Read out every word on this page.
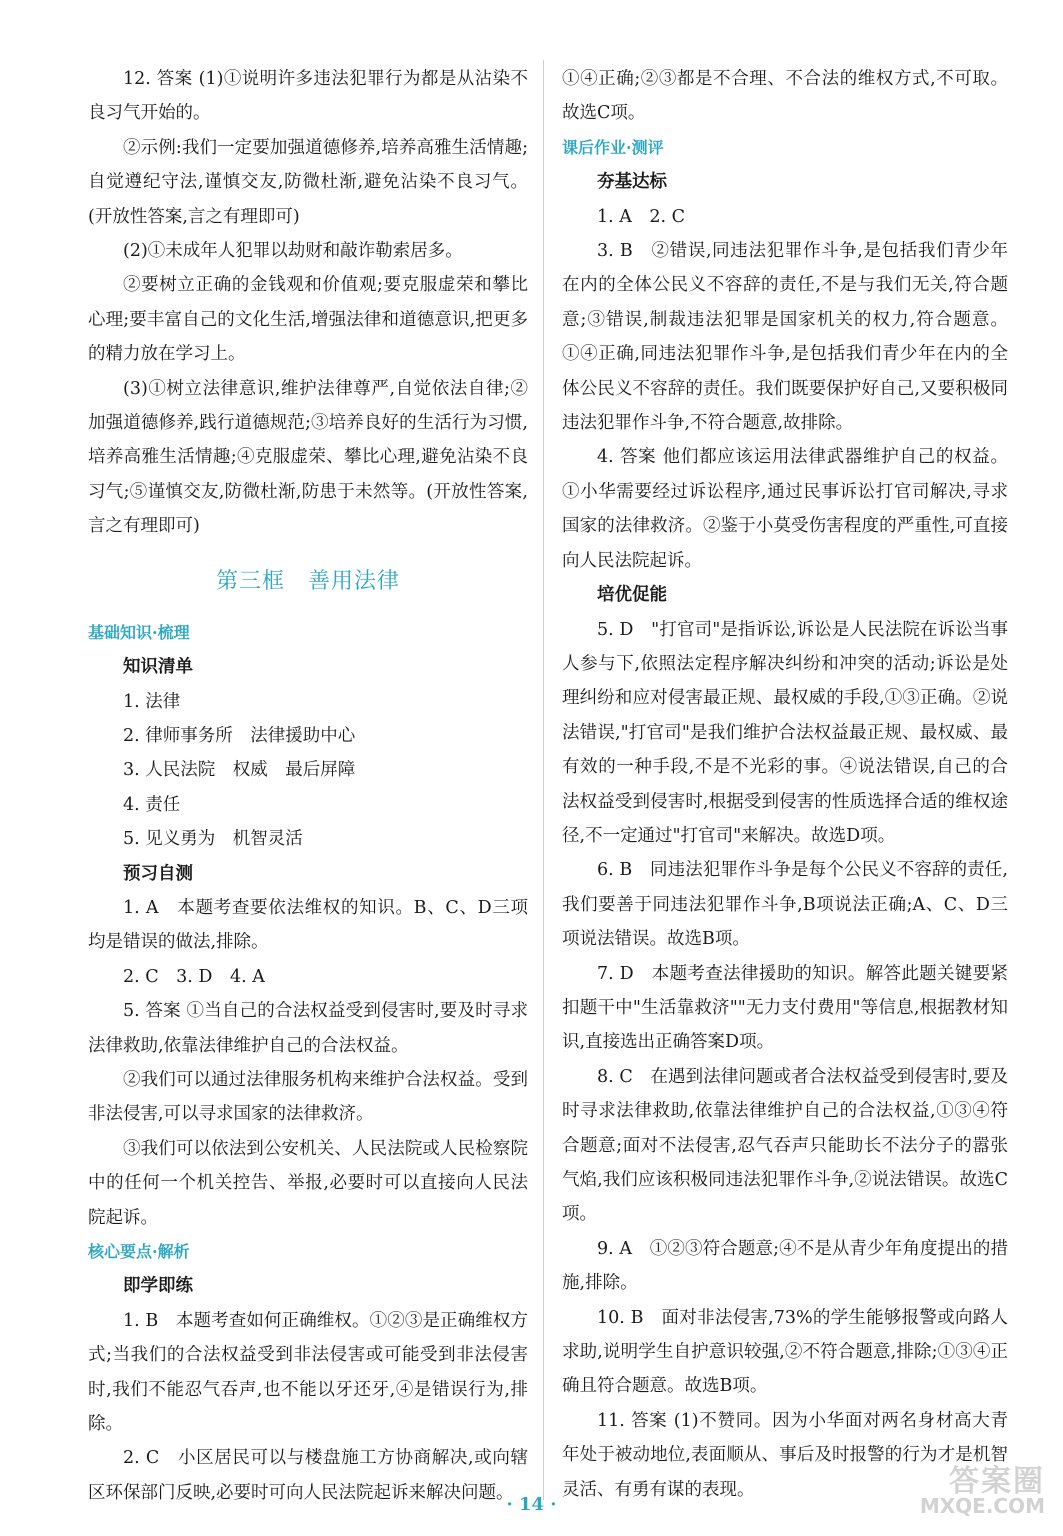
12. 答案 (1)①说明许多违法犯罪行为都是从沾染不良习气开始的。

②示例:我们一定要加强道德修养,培养高雅生活情趣;自觉遵纪守法,谨慎交友,防微杜渐,避免沾染不良习气。(开放性答案,言之有理即可)

(2)①未成年人犯罪以劫财和敲诈勒索居多。

②要树立正确的金钱观和价值观;要克服虚荣和攀比心理;要丰富自己的文化生活,增强法律和道德意识,把更多的精力放在学习上。

(3)①树立法律意识,维护法律尊严,自觉依法自律;②加强道德修养,践行道德规范;③培养良好的生活行为习惯,培养高雅生活情趣;④克服虚荣、攀比心理,避免沾染不良习气;⑤谨慎交友,防微杜渐,防患于未然等。(开放性答案,言之有理即可)

第三框　善用法律

基础知识·梳理

知识清单

1. 法律

2. 律师事务所　法律援助中心

3. 人民法院　权威　最后屏障

4. 责任

5. 见义勇为　机智灵活

预习自测

1. A　本题考查要依法维权的知识。B、C、D三项均是错误的做法,排除。

2. C　3. D　4. A

5. 答案 ①当自己的合法权益受到侵害时,要及时寻求法律救助,依靠法律维护自己的合法权益。

②我们可以通过法律服务机构来维护合法权益。受到非法侵害,可以寻求国家的法律救济。

③我们可以依法到公安机关、人民法院或人民检察院中的任何一个机关控告、举报,必要时可以直接向人民法院起诉。

核心要点·解析

即学即练

1. B　本题考查如何正确维权。①②③是正确维权方式;当我们的合法权益受到非法侵害或可能受到非法侵害时,我们不能忍气吞声,也不能以牙还牙,④是错误行为,排除。

2. C　小区居民可以与楼盘施工方协商解决,或向辖区环保部门反映,必要时可向人民法院起诉来解决问题。

①④正确;②③都是不合理、不合法的维权方式,不可取。故选C项。

课后作业·测评

夯基达标

1. A　2. C

3. B　②错误,同违法犯罪作斗争,是包括我们青少年在内的全体公民义不容辞的责任,不是与我们无关,符合题意;③错误,制裁违法犯罪是国家机关的权力,符合题意。①④正确,同违法犯罪作斗争,是包括我们青少年在内的全体公民义不容辞的责任。我们既要保护好自己,又要积极同违法犯罪作斗争,不符合题意,故排除。

4. 答案 他们都应该运用法律武器维护自己的权益。①小华需要经过诉讼程序,通过民事诉讼打官司解决,寻求国家的法律救济。②鉴于小莫受伤害程度的严重性,可直接向人民法院起诉。

培优促能

5. D　"打官司"是指诉讼,诉讼是人民法院在诉讼当事人参与下,依照法定程序解决纠纷和冲突的活动;诉讼是处理纠纷和应对侵害最正规、最权威的手段,①③正确。②说法错误,"打官司"是我们维护合法权益最正规、最权威、最有效的一种手段,不是不光彩的事。④说法错误,自己的合法权益受到侵害时,根据受到侵害的性质选择合适的维权途径,不一定通过"打官司"来解决。故选D项。

6. B　同违法犯罪作斗争是每个公民义不容辞的责任,我们要善于同违法犯罪作斗争,B项说法正确;A、C、D三项说法错误。故选B项。

7. D　本题考查法律援助的知识。解答此题关键要紧扣题干中"生活靠救济""无力支付费用"等信息,根据教材知识,直接选出正确答案D项。

8. C　在遇到法律问题或者合法权益受到侵害时,要及时寻求法律救助,依靠法律维护自己的合法权益,①③④符合题意;面对不法侵害,忍气吞声只能助长不法分子的嚣张气焰,我们应该积极同违法犯罪作斗争,②说法错误。故选C项。

9. A　①②③符合题意;④不是从青少年角度提出的措施,排除。

10. B　面对非法侵害,73%的学生能够报警或向路人求助,说明学生自护意识较强,②不符合题意,排除;①③④正确且符合题意。故选B项。

11. 答案 (1)不赞同。因为小华面对两名身材高大青年处于被动地位,表面顺从、事后及时报警的行为才是机智灵活、有勇有谋的表现。

· 14 ·
答案圈
MXQE.COM
